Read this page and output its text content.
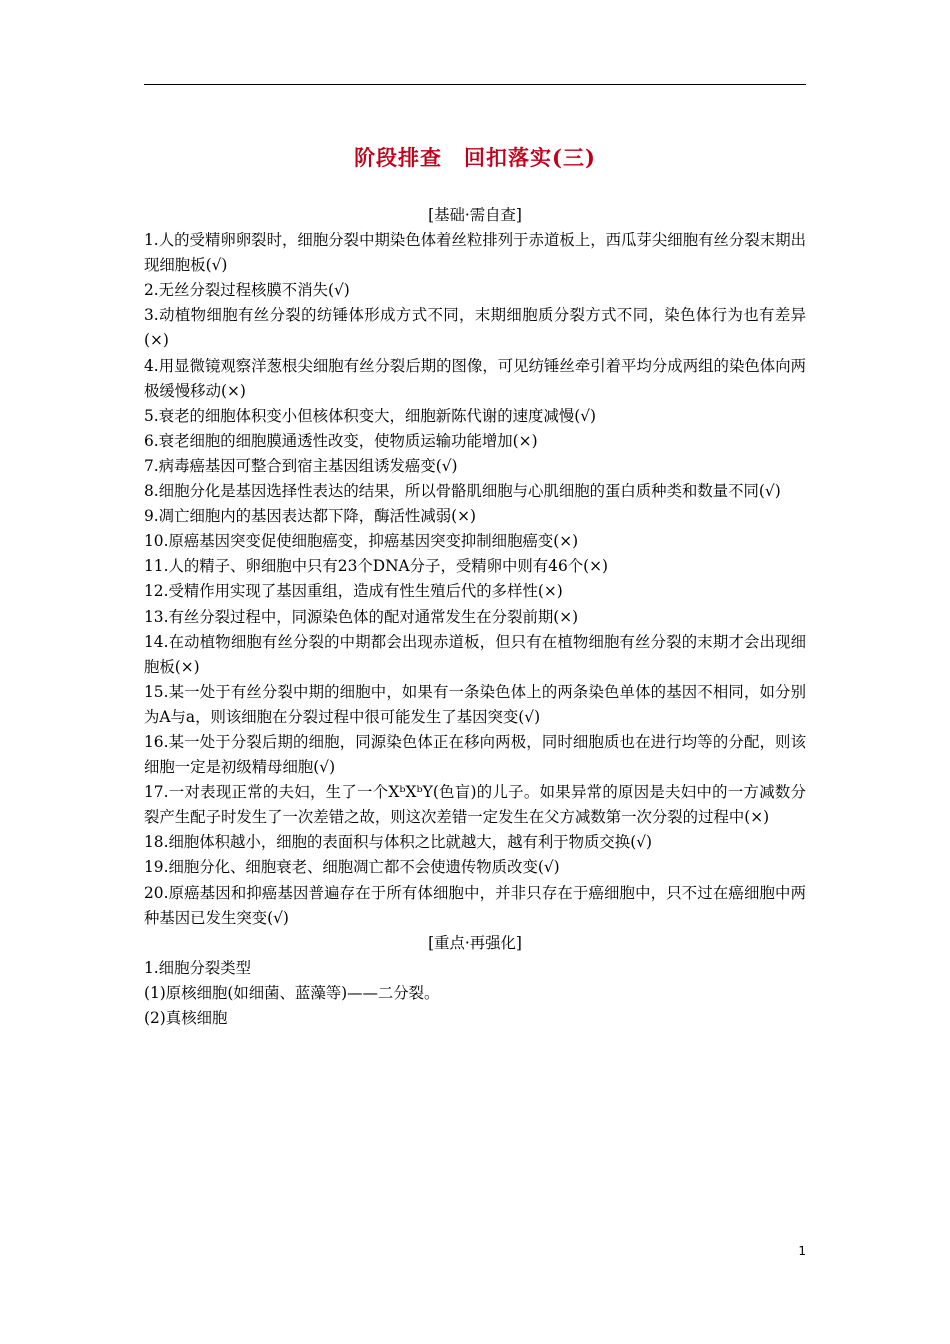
阶段排查　回扣落实(三)

[基础·需自查]

1.人的受精卵卵裂时，细胞分裂中期染色体着丝粒排列于赤道板上，西瓜芽尖细胞有丝分裂末期出现细胞板(√)

2.无丝分裂过程核膜不消失(√)

3.动植物细胞有丝分裂的纺锤体形成方式不同，末期细胞质分裂方式不同，染色体行为也有差异(×)

4.用显微镜观察洋葱根尖细胞有丝分裂后期的图像，可见纺锤丝牵引着平均分成两组的染色体向两极缓慢移动(×)

5.衰老的细胞体积变小但核体积变大，细胞新陈代谢的速度减慢(√)

6.衰老细胞的细胞膜通透性改变，使物质运输功能增加(×)

7.病毒癌基因可整合到宿主基因组诱发癌变(√)

8.细胞分化是基因选择性表达的结果，所以骨骼肌细胞与心肌细胞的蛋白质种类和数量不同(√)

9.凋亡细胞内的基因表达都下降，酶活性减弱(×)

10.原癌基因突变促使细胞癌变，抑癌基因突变抑制细胞癌变(×)

11.人的精子、卵细胞中只有23个DNA分子，受精卵中则有46个(×)

12.受精作用实现了基因重组，造成有性生殖后代的多样性(×)

13.有丝分裂过程中，同源染色体的配对通常发生在分裂前期(×)

14.在动植物细胞有丝分裂的中期都会出现赤道板，但只有在植物细胞有丝分裂的末期才会出现细胞板(×)

15.某一处于有丝分裂中期的细胞中，如果有一条染色体上的两条染色单体的基因不相同，如分别为A与a，则该细胞在分裂过程中很可能发生了基因突变(√)

16.某一处于分裂后期的细胞，同源染色体正在移向两极，同时细胞质也在进行均等的分配，则该细胞一定是初级精母细胞(√)

17.一对表现正常的夫妇，生了一个XᵇXᵇY(色盲)的儿子。如果异常的原因是夫妇中的一方减数分裂产生配子时发生了一次差错之故，则这次差错一定发生在父方减数第一次分裂的过程中(×)

18.细胞体积越小，细胞的表面积与体积之比就越大，越有利于物质交换(√)

19.细胞分化、细胞衰老、细胞凋亡都不会使遗传物质改变(√)

20.原癌基因和抑癌基因普遍存在于所有体细胞中，并非只存在于癌细胞中，只不过在癌细胞中两种基因已发生突变(√)

[重点·再强化]

1.细胞分裂类型

(1)原核细胞(如细菌、蓝藻等)——二分裂。

(2)真核细胞

1
